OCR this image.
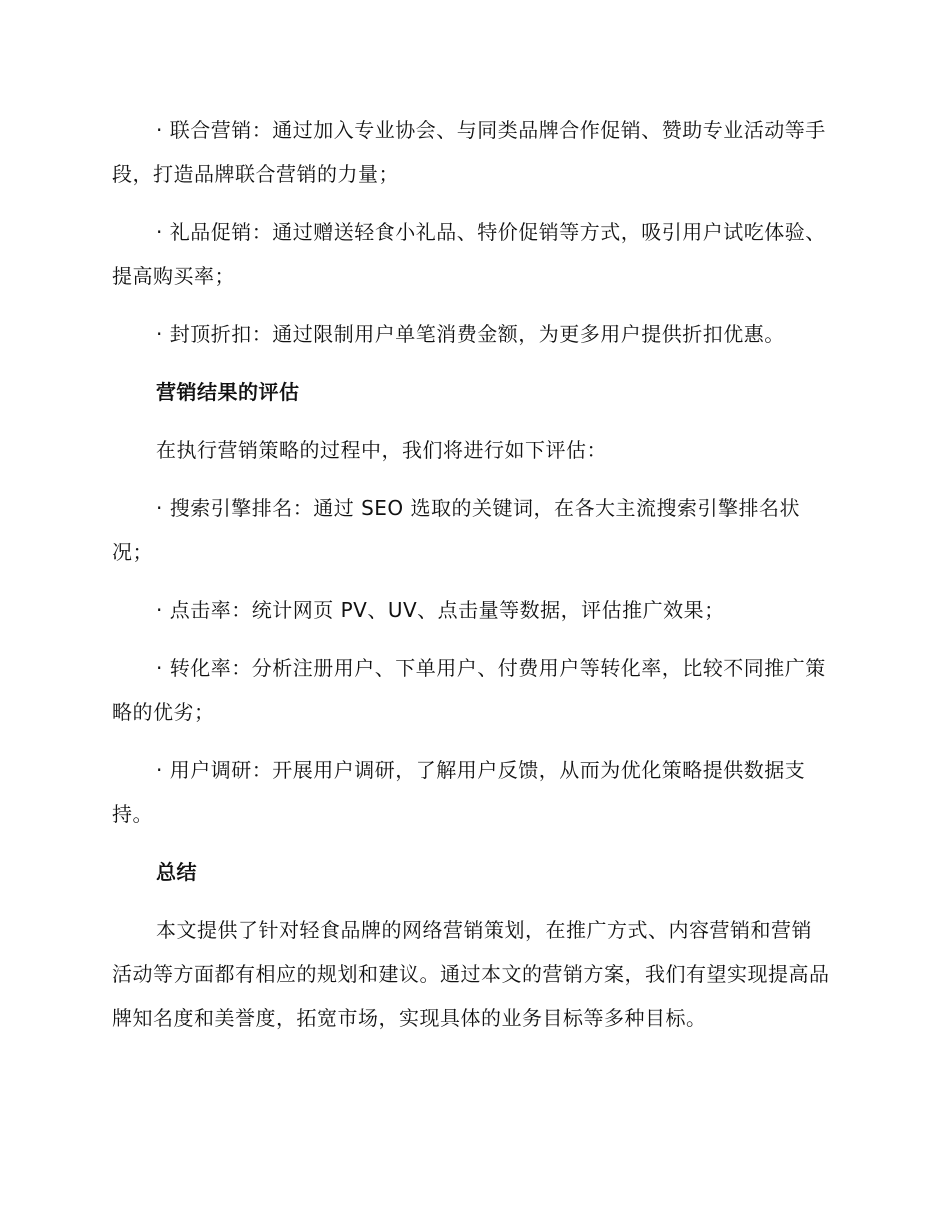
· 联合营销：通过加入专业协会、与同类品牌合作促销、赞助专业活动等手段，打造品牌联合营销的力量；

· 礼品促销：通过赠送轻食小礼品、特价促销等方式，吸引用户试吃体验、提高购买率；

· 封顶折扣：通过限制用户单笔消费金额，为更多用户提供折扣优惠。

营销结果的评估

在执行营销策略的过程中，我们将进行如下评估：

· 搜索引擎排名：通过 SEO 选取的关键词，在各大主流搜索引擎排名状况；

· 点击率：统计网页 PV、UV、点击量等数据，评估推广效果；

· 转化率：分析注册用户、下单用户、付费用户等转化率，比较不同推广策略的优劣；

· 用户调研：开展用户调研，了解用户反馈，从而为优化策略提供数据支持。

总结

本文提供了针对轻食品牌的网络营销策划，在推广方式、内容营销和营销活动等方面都有相应的规划和建议。通过本文的营销方案，我们有望实现提高品牌知名度和美誉度，拓宽市场，实现具体的业务目标等多种目标。
